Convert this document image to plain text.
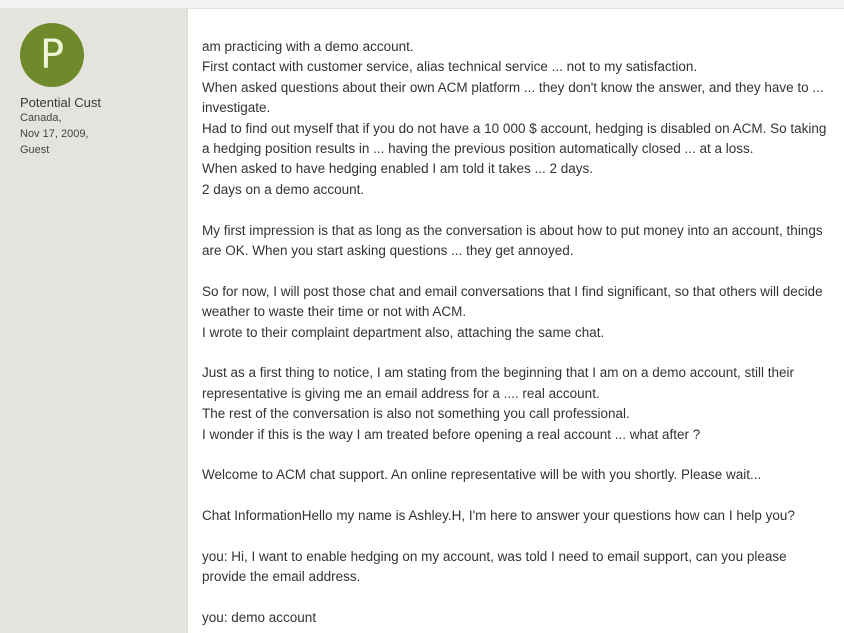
P
Potential Cust
Canada,
Nov 17, 2009,
Guest
am practicing with a demo account.
First contact with customer service, alias technical service ... not to my satisfaction.
When asked questions about their own ACM platform ... they don't know the answer, and they have to ... investigate.
Had to find out myself that if you do not have a 10 000 $ account, hedging is disabled on ACM. So taking a hedging position results in ... having the previous position automatically closed ... at a loss.
When asked to have hedging enabled I am told it takes ... 2 days.
2 days on a demo account.
My first impression is that as long as the conversation is about how to put money into an account, things are OK. When you start asking questions ... they get annoyed.
So for now, I will post those chat and email conversations that I find significant, so that others will decide weather to waste their time or not with ACM.
I wrote to their complaint department also, attaching the same chat.
Just as a first thing to notice, I am stating from the beginning that I am on a demo account, still their representative is giving me an email address for a .... real account.
The rest of the conversation is also not something you call professional.
I wonder if this is the way I am treated before opening a real account ... what after ?
Welcome to ACM chat support. An online representative will be with you shortly. Please wait...
Chat InformationHello my name is Ashley.H, I'm here to answer your questions how can I help you?
you: Hi, I want to enable hedging on my account, was told I need to email support, can you please provide the email address.
you: demo account
